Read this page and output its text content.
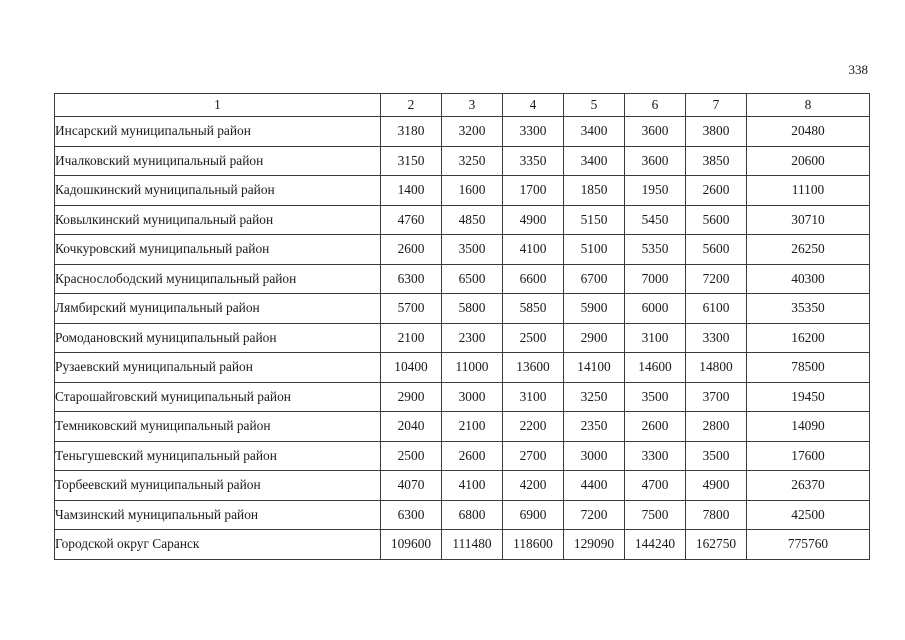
338
1	2	3	4	5	6	7	8
Инсарский муниципальный район	3180	3200	3300	3400	3600	3800	20480
Ичалковский муниципальный район	3150	3250	3350	3400	3600	3850	20600
Кадошкинский муниципальный район	1400	1600	1700	1850	1950	2600	11100
Ковылкинский муниципальный район	4760	4850	4900	5150	5450	5600	30710
Кочкуровский муниципальный район	2600	3500	4100	5100	5350	5600	26250
Краснослободский муниципальный район	6300	6500	6600	6700	7000	7200	40300
Лямбирский муниципальный район	5700	5800	5850	5900	6000	6100	35350
Ромодановский муниципальный район	2100	2300	2500	2900	3100	3300	16200
Рузаевский муниципальный район	10400	11000	13600	14100	14600	14800	78500
Старошайговский муниципальный район	2900	3000	3100	3250	3500	3700	19450
Темниковский муниципальный район	2040	2100	2200	2350	2600	2800	14090
Теньгушевский муниципальный район	2500	2600	2700	3000	3300	3500	17600
Торбеевский муниципальный район	4070	4100	4200	4400	4700	4900	26370
Чамзинский муниципальный район	6300	6800	6900	7200	7500	7800	42500
Городской округ Саранск	109600	111480	118600	129090	144240	162750	775760
